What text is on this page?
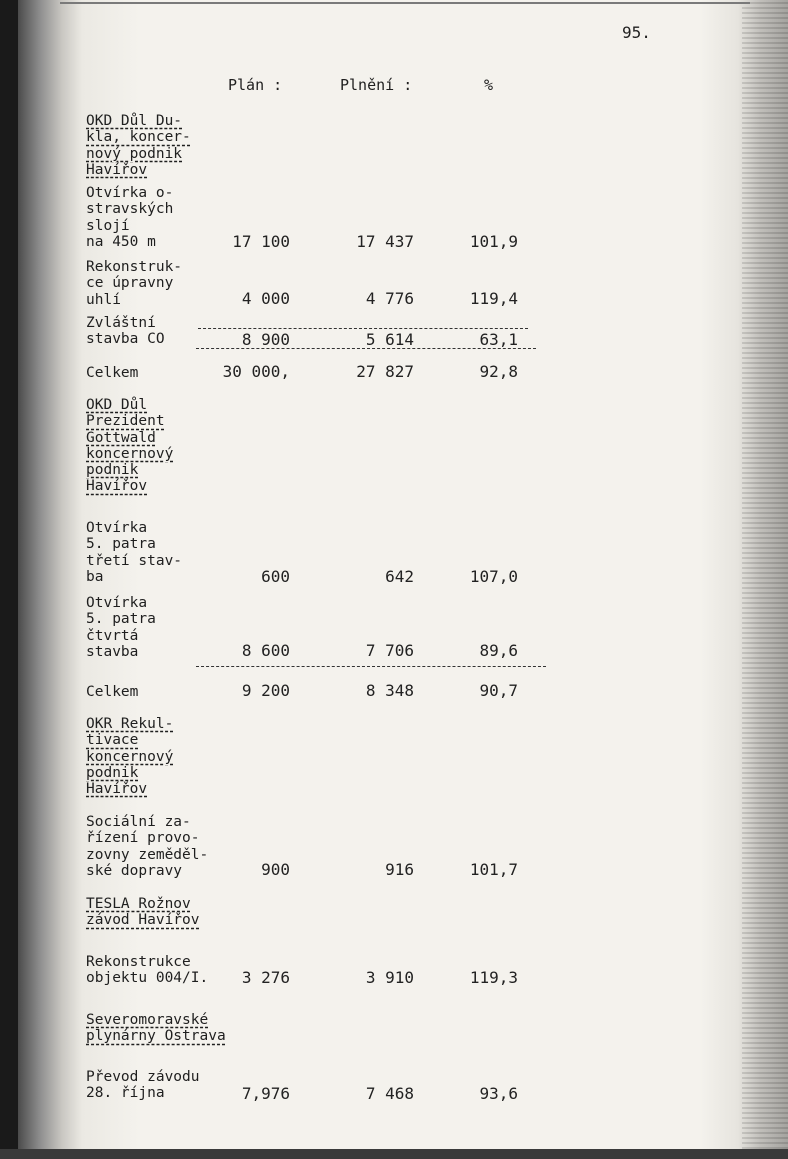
95.
Plán :	Plnění :	%
OKD Důl Du-
kla, koncer-
nový podnik
Havířov
Otvírka o-
stravských
slojí
na 450 m	17 100	17 437	101,9
Rekonstruk-
ce úpravny
uhlí	4 000	4 776	119,4
Zvláštní
stavba CO	8 900	5 614	63,1
Celkem	30 000,	27 827	92,8
OKD Důl
Prezident
Gottwald
koncernový
podnik
Havířov
Otvírka
5. patra
třetí stav-
ba	600	642	107,0
Otvírka
5. patra
čtvrtá
stavba	8 600	7 706	89,6
Celkem	9 200	8 348	90,7
OKR Rekul-
tivace
koncernový
podnik
Havířov
Sociální za-
řízení provo-
zovny zeměděl-
ské dopravy	900	916	101,7
TESLA Rožnov
závod Havířov
Rekonstrukce
objektu 004/I.	3 276	3 910	119,3
Severomoravské
plynárny Ostrava
Převod závodu
28. října	7,976	7 468	93,6
